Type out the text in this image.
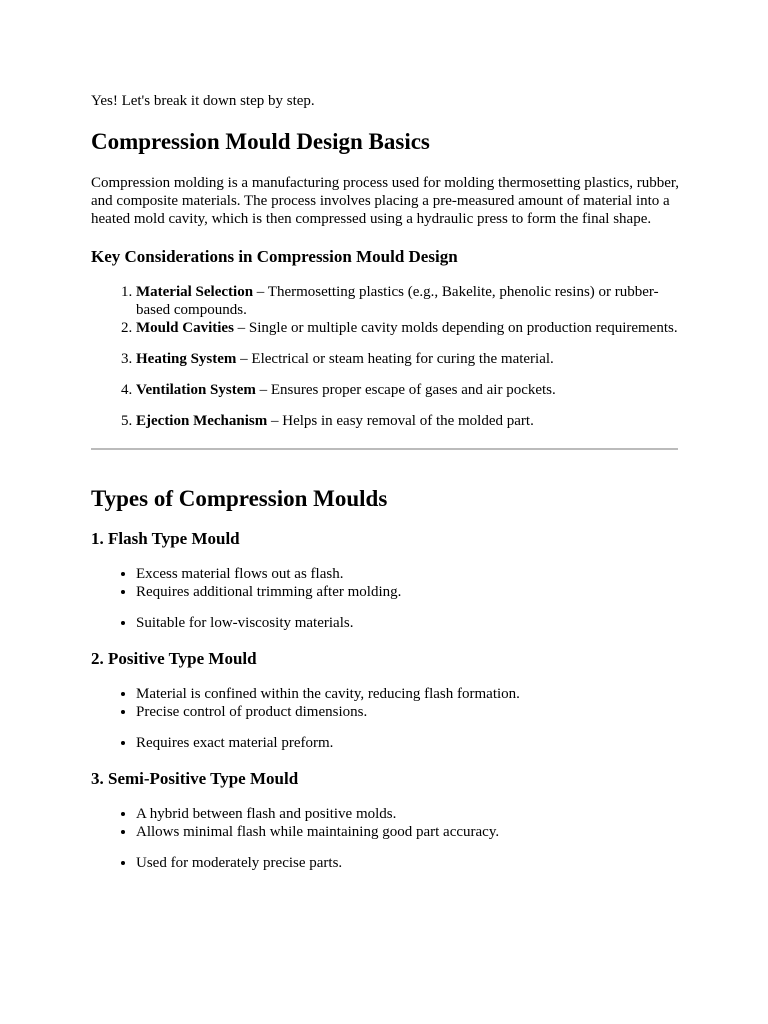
Yes! Let's break it down step by step.

Compression Mould Design Basics

Compression molding is a manufacturing process used for molding thermosetting plastics, rubber, and composite materials. The process involves placing a pre-measured amount of material into a heated mold cavity, which is then compressed using a hydraulic press to form the final shape.

Key Considerations in Compression Mould Design
1. Material Selection – Thermosetting plastics (e.g., Bakelite, phenolic resins) or rubber-based compounds.
2. Mould Cavities – Single or multiple cavity molds depending on production requirements.
3. Heating System – Electrical or steam heating for curing the material.
4. Ventilation System – Ensures proper escape of gases and air pockets.
5. Ejection Mechanism – Helps in easy removal of the molded part.
Types of Compression Moulds
1. Flash Type Mould
• Excess material flows out as flash.
• Requires additional trimming after molding.
• Suitable for low-viscosity materials.
2. Positive Type Mould
• Material is confined within the cavity, reducing flash formation.
• Precise control of product dimensions.
• Requires exact material preform.
3. Semi-Positive Type Mould
• A hybrid between flash and positive molds.
• Allows minimal flash while maintaining good part accuracy.
• Used for moderately precise parts.
